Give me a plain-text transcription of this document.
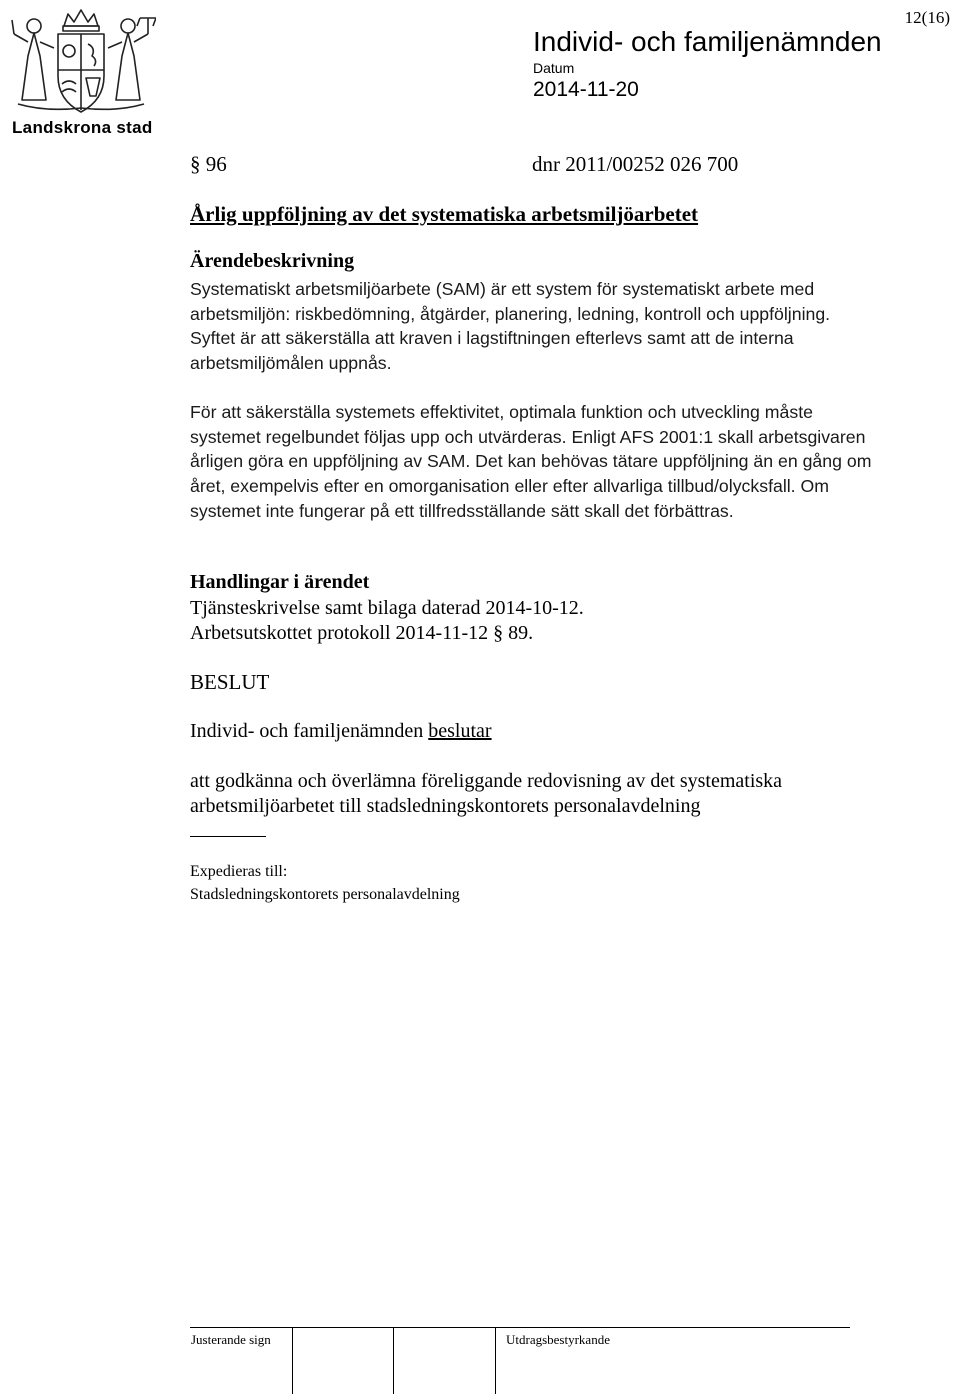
Landskrona stad
12(16)
Individ- och familjenämnden
Datum
2014-11-20
§ 96	dnr 2011/00252 026 700
Årlig uppföljning av det systematiska arbetsmiljöarbetet
Ärendebeskrivning

Systematiskt arbetsmiljöarbete (SAM) är ett system för systematiskt arbete med arbetsmiljön: riskbedömning, åtgärder, planering, ledning, kontroll och uppföljning. Syftet är att säkerställa att kraven i lagstiftningen efterlevs samt att de interna arbetsmiljömålen uppnås.

För att säkerställa systemets effektivitet, optimala funktion och utveckling måste systemet regelbundet följas upp och utvärderas. Enligt AFS 2001:1 skall arbetsgivaren årligen göra en uppföljning av SAM. Det kan behövas tätare uppföljning än en gång om året, exempelvis efter en omorganisation eller efter allvarliga tillbud/olycksfall. Om systemet inte fungerar på ett tillfredsställande sätt skall det förbättras.

Handlingar i ärendet
Tjänsteskrivelse samt bilaga daterad 2014-10-12.
Arbetsutskottet protokoll 2014-11-12 § 89.
BESLUT
Individ- och familjenämnden beslutar
att godkänna och överlämna föreliggande redovisning av det systematiska
arbetsmiljöarbetet till stadsledningskontorets personalavdelning
Expedieras till:
Stadsledningskontorets personalavdelning
Justerande sign	Utdragsbestyrkande
